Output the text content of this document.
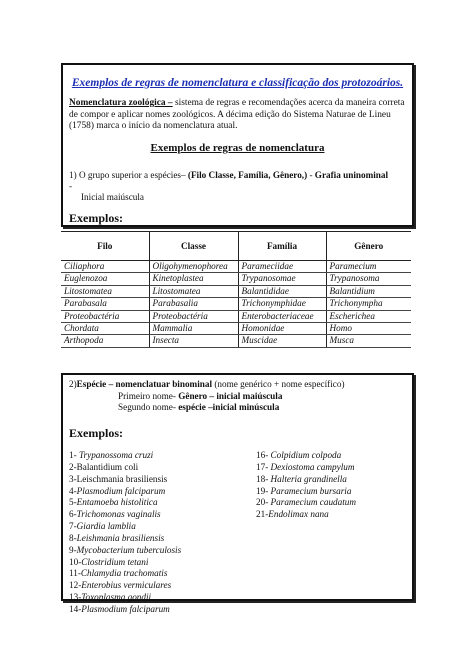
Exemplos de regras de nomenclatura e classificação dos protozoários.
Nomenclatura zoológica – sistema de regras e recomendações acerca da maneira correta de compor e aplicar nomes zoológicos. A décima edição do Sistema Naturae de Lineu (1758) marca o início da nomenclatura atual.
Exemplos de regras de nomenclatura
1) O grupo superior a espécies– (Filo Classe, Família, Gênero,) - Grafia uninominal
-
Inicial maiúscula
Exemplos:
Filo	Classe	Família	Gênero
Ciliaphora	Oligohymenophorea	Parameciidae	Paramecium
Euglenozoa	Kinetoplastea	Trypanosomae	Trypanosoma
Litostomatea	Litostomatea	Balantididae	Balantidium
Parabasala	Parabasalia	Trichonymphidae	Trichonympha
Proteobactéria	Proteobactéria	Enterobacteriaceae	Escherichea
Chordata	Mammalia	Homonidae	Homo
Arthopoda	Insecta	Muscidae	Musca
2)Espécie – nomenclatuar binominal (nome genérico + nome específico)
Primeiro nome- Gênero – inicial maiúscula
Segundo nome- espécie –inicial minúscula
Exemplos:
1- Trypanossoma cruzi
2-Balantidium coli
3-Leischmania brasiliensis
4-Plasmodium falciparum
5-Entamoeba histolitica
6-Trichomonas vaginalis
7-Giardia lamblia
8-Leishmania brasiliensis
9-Mycobacterium tuberculosis
10-Clostridium tetani
11-Chlamydia trachomatis
12-Enterobius vermiculares
13-Toxoplasma gondii
14-Plasmodium falciparum
16- Colpidium colpoda
17- Dexiostoma campylum
18- Halteria grandinella
19- Paramecium bursaria
20- Paramecium caudatum
21-Endolimax nana
